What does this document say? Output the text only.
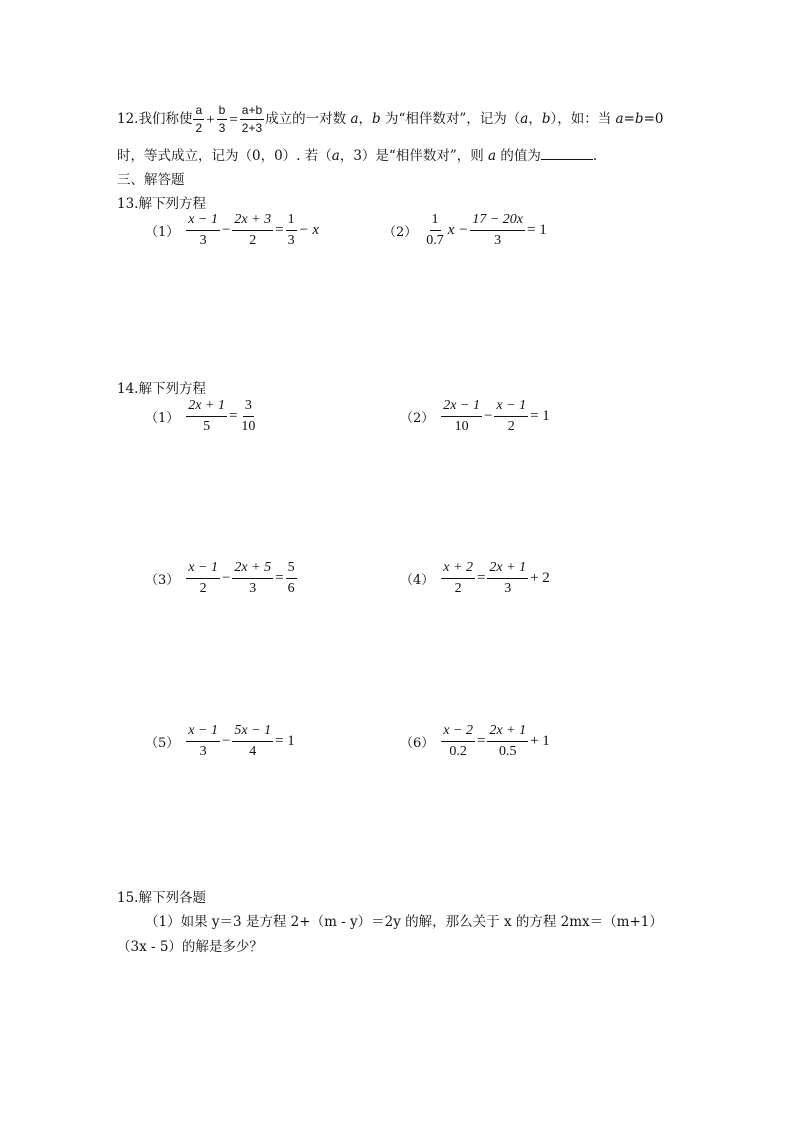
12.我们称使 $\frac{a}{2} + \frac{b}{3} = \frac{a+b}{2+3}$ 成立的一对数 a，b 为“相伴数对”，记为（a，b），如：当 a=b=0
时，等式成立，记为（0，0）. 若（a，3）是“相伴数对”，则 a 的值为	.
三、解答题
13.解下列方程
$(1) \frac{x - 1}{3} - \frac{2x + 3}{2} = \frac{1}{3} - x$	$(2) \frac{1}{0.7}$ $x - \frac{17 - 20x}{3} = 1$
14.解下列方程
$(1) \frac{2x + 1}{5} = \frac{3}{10}$	$(2) \frac{2x - 1}{10} - \frac{x - 1}{2} = 1$
$(3) \frac{x - 1}{2} - \frac{2x + 5}{3} = \frac{5}{6}$	$(4) \frac{x + 2}{2} = \frac{2x + 1}{3} + 2$
$(5) \frac{x - 1}{3} - \frac{5x - 1}{4} = 1$	$(6) \frac{x - 2}{0.2} = \frac{2x + 1}{0.5} + 1$
15.解下列各题
（1）如果 y＝3 是方程 2+（m - y）＝2y 的解，那么关于 x 的方程 2mx＝（m+1）
（3x - 5）的解是多少？
